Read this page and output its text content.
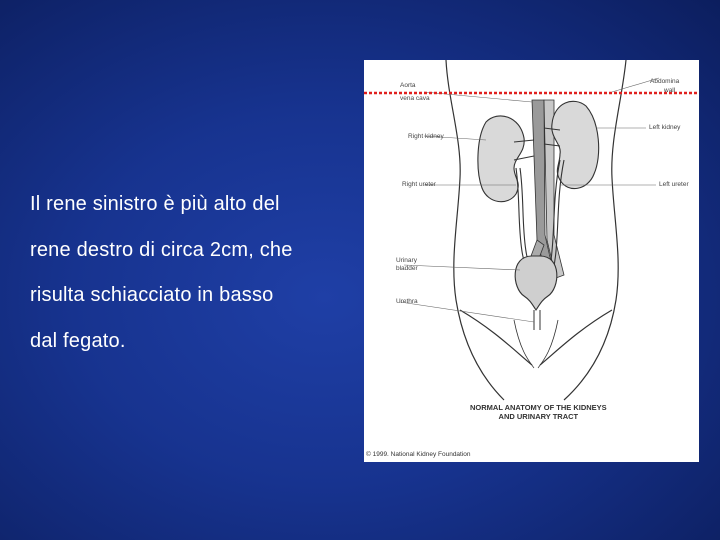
Il rene sinistro è più alto del
rene destro di circa 2cm, che
risulta schiacciato in basso
dal fegato.
Aorta
vena cava
Abdomina
wall
Right kidney
Left kidney
Right ureter	Left ureter
Urinary
bladder
Urethra
NORMAL ANATOMY OF THE KIDNEYS
AND URINARY TRACT
© 1999. National Kidney Foundation
